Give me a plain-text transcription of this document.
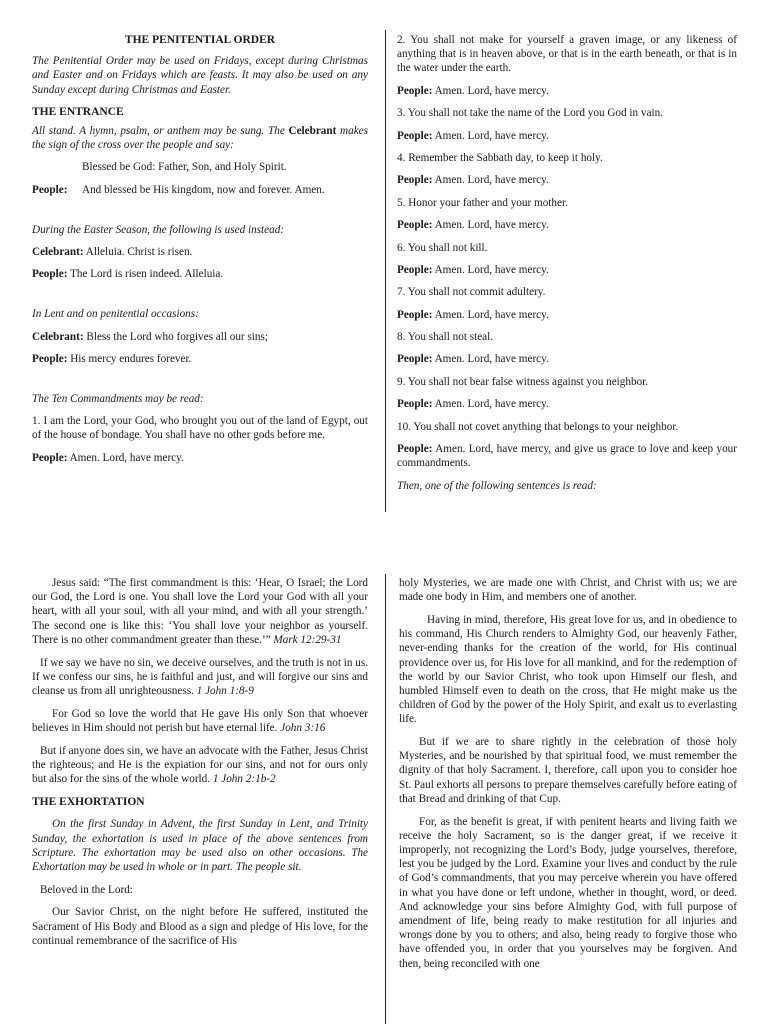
THE PENITENTIAL ORDER

The Penitential Order may be used on Fridays, except during Christmas and Easter and on Fridays which are feasts. It may also be used on any Sunday except during Christmas and Easter.

THE ENTRANCE

All stand. A hymn, psalm, or anthem may be sung. The Celebrant makes the sign of the cross over the people and say:

Blessed be God: Father, Son, and Holy Spirit.

People:	And blessed be His kingdom, now and forever. Amen.

During the Easter Season, the following is used instead:

Celebrant: Alleluia. Christ is risen.

People: The Lord is risen indeed. Alleluia.

In Lent and on penitential occasions:

Celebrant: Bless the Lord who forgives all our sins;

People: His mercy endures forever.

The Ten Commandments may be read:

1. I am the Lord, your God, who brought you out of the land of Egypt, out of the house of bondage. You shall have no other gods before me.

People: Amen. Lord, have mercy.

2. You shall not make for yourself a graven image, or any likeness of anything that is in heaven above, or that is in the earth beneath, or that is in the water under the earth.

People: Amen. Lord, have mercy.

3. You shall not take the name of the Lord you God in vain.

People: Amen. Lord, have mercy.

4. Remember the Sabbath day, to keep it holy.

People: Amen. Lord, have mercy.

5. Honor your father and your mother.

People: Amen. Lord, have mercy.

6. You shall not kill.

People: Amen. Lord, have mercy.

7. You shall not commit adultery.

People: Amen. Lord, have mercy.

8. You shall not steal.

People: Amen. Lord, have mercy.

9. You shall not bear false witness against you neighbor.

People: Amen. Lord, have mercy.

10. You shall not covet anything that belongs to your neighbor.

People: Amen. Lord, have mercy, and give us grace to love and keep your commandments.

Then, one of the following sentences is read:

Jesus said: “The first commandment is this: ‘Hear, O Israel; the Lord our God, the Lord is one. You shall love the Lord your God with all your heart, with all your soul, with all your mind, and with all your strength.’ The second one is like this: ‘You shall love your neighbor as yourself. There is no other commandment greater than these.’” Mark 12:29-31

If we say we have no sin, we deceive ourselves, and the truth is not in us. If we confess our sins, he is faithful and just, and will forgive our sins and cleanse us from all unrighteousness. 1 John 1:8-9

For God so love the world that He gave His only Son that whoever believes in Him should not perish but have eternal life. John 3:16

But if anyone does sin, we have an advocate with the Father, Jesus Christ the righteous; and He is the expiation for our sins, and not for ours only but also for the sins of the whole world. 1 John 2:1b-2

THE EXHORTATION

On the first Sunday in Advent, the first Sunday in Lent, and Trinity Sunday, the exhortation is used in place of the above sentences from Scripture. The exhortation may be used also on other occasions. The Exhortation may be used in whole or in part. The people sit.

Beloved in the Lord:

Our Savior Christ, on the night before He suffered, instituted the Sacrament of His Body and Blood as a sign and pledge of His love, for the continual remembrance of the sacrifice of His

holy Mysteries, we are made one with Christ, and Christ with us; we are made one body in Him, and members one of another.

Having in mind, therefore, His great love for us, and in obedience to his command, His Church renders to Almighty God, our heavenly Father, never-ending thanks for the creation of the world, for His continual providence over us, for His love for all mankind, and for the redemption of the world by our Savior Christ, who took upon Himself our flesh, and humbled Himself even to death on the cross, that He might make us the children of God by the power of the Holy Spirit, and exalt us to everlasting life.

But if we are to share rightly in the celebration of those holy Mysteries, and be nourished by that spiritual food, we must remember the dignity of that holy Sacrament. I, therefore, call upon you to consider hoe St. Paul exhorts all persons to prepare themselves carefully before eating of that Bread and drinking of that Cup.

For, as the benefit is great, if with penitent hearts and living faith we receive the holy Sacrament, so is the danger great, if we receive it improperly, not recognizing the Lord’s Body, judge yourselves, therefore, lest you be judged by the Lord. Examine your lives and conduct by the rule of God’s commandments, that you may perceive wherein you have offered in what you have done or left undone, whether in thought, word, or deed. And acknowledge your sins before Almighty God, with full purpose of amendment of life, being ready to make restitution for all injuries and wrongs done by you to others; and also, being ready to forgive those who have offended you, in order that you yourselves may be forgiven. And then, being reconciled with one
